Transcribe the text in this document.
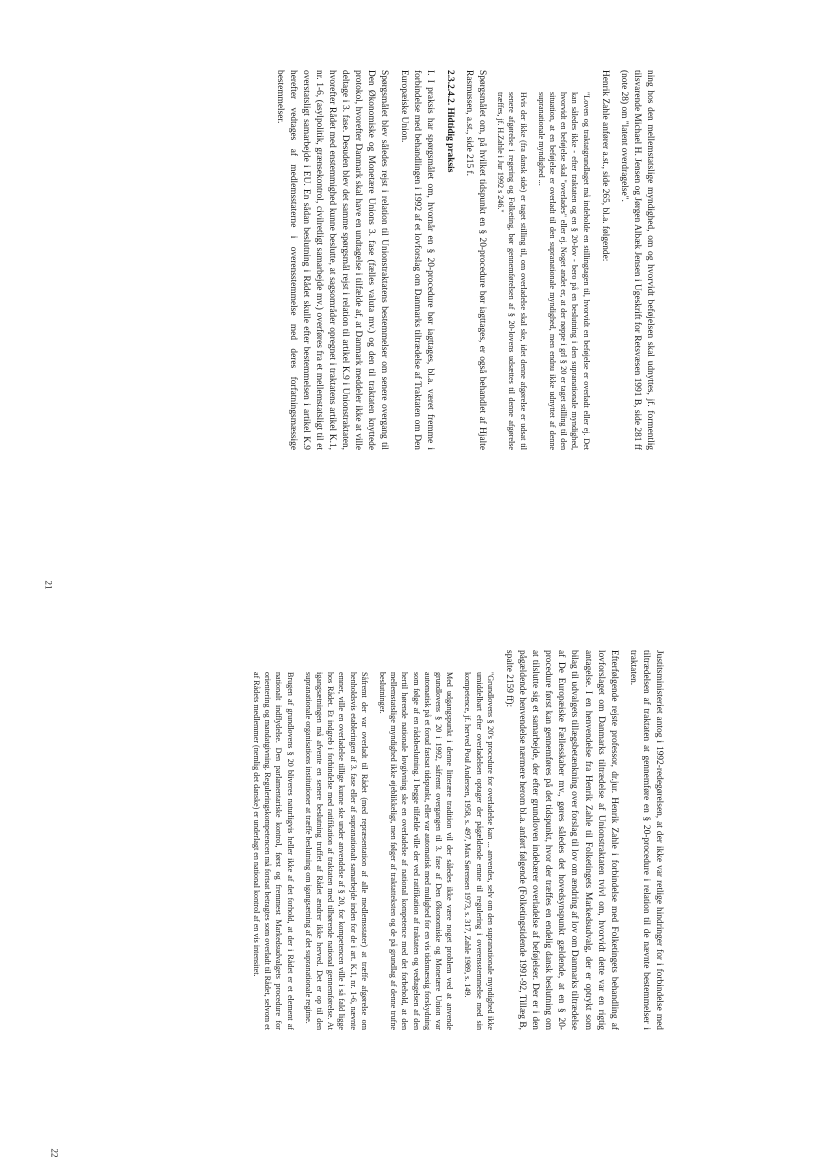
ning hos den mellemstatslige myndighed, om og hvorvidt beføjelsen skal udnyttes, jf. formentlig tilsvarende Michael H. Jensen og Jørgen Albæk Jensen i Ugeskrift for Retsvæsen 1991 B, side 281 ff (note 28) om "latent overdragelse".

Henrik Zahle anfører a.st., side 265, bl.a. følgende:

"Loven og traktatgrundlaget må indeholde en stillingtagen til, hvorvidt en beføjelse er overladt eller ej. Det kan således ikke - efter traktaten og en § 20-lov - bero på en beslutning i den supranationale myndighed, hvorvidt en beføjelse skal "overlades" eller ej. Noget andet er, at der nøppe i grl § 20 er taget stilling til den situation, at en beføjelse er overladt til den supranationale myndighed, men endnu ikke udnyttet af denne supranationale myndighed ...

Hvis der ikke (fra dansk side) er taget stilling til, om overladelse skal ske, idet denne afgørelse er udsat til senere afgørelse i regering og Folketing, bør gennemførelsen af § 20-lovens udsættes til denne afgørelse træffes, jf. H.Zahle i Jur 1992 s 246."

Spørgsmålet om, på hvilket tidspunkt en § 20-procedure bør iagttages, er også behandlet af Hjalte Rasmussen, a.st., side 215 f.

2.3.2.4.2. Hidtidig praksis

I. I praksis har spørgsmålet om, hvornår en § 20-procedure bør iagttages, bl.a. været fremme i forbindelse med behandlingen i 1992 af et lovforslag om Danmarks tiltrædelse af Traktaten om Den Europæiske Union.

Spørgsmålet blev således rejst i relation til Unionstraktatens bestemmelser om senere overgang til Den Økonomiske og Monetære Unions 3. fase (fælles valuta mv.) og den til traktaten knyttede protokol, hvorefter Danmark skal have en undtagelse i tilfælde af, at Danmark meddeler ikke at ville deltage i 3. fase. Desuden blev det samme spørgsmål rejst i relation til artikel K.9 i Unionstraktaten, hvorefter Rådet med enstemmighed kunne beslutte, at sagsområder opregnet i traktatens artikel K.1, nr. 1-6, (asylpolitik, grænsekontrol, civilretligt samarbejde mv.) overføres fra et mellemstatsligt til et overstatsligt samarbejde i EU. En sådan beslutning i Rådet skulle efter bestemmelsen i artikel K.9 herefter vedtages af medlemsstaterne i overensstemmelse med deres forfatningsmæssige bestemmelser.

21

Justitsministeriet antog i 1992-redegørelsen, at der ikke var retlige hindringer for i forbindelse med tiltrædelsen af traktaten at gennemføre en § 20-procedure i relation til de nævnte bestemmelser i traktaten.

Efterfølgende rejste professor, dr.jur. Henrik Zahle i forbindelse med Folketingets behandling af lovforslaget om Danmarks tiltrædelse af Unionstraktaten tvivl om, hvorvidt dette var en rigtig antagelse. I en henvendelse fra Henrik Zahle til Folketingets Markedsudvalg, der er optrykt som bilag til udvalgets tillægsbetænkning over forslag til lov om ændring af lov om Danmarks tiltrædelse af De Europæiske Fællesskaber mv., gøres således det hovedsynspunkt gældende, at en § 20-procedure først kan gennemføres på det tidspunkt, hvor der træffes en endelig dansk beslutning om at tilslutte sig et samarbejde, der efter grundloven indebærer overladelse af beføjelser. Der er i den pågældende henvendelse nærmere herom bl.a. anført følgende (Folketingstidende 1991-92, Tillæg B, spalte 2159 ff):

"Grundlovens § 20's procedure for overladelse kan ... anvendes, selv om den supranationale myndighed ikke umiddelbart efter overladelsen optager der pågældende emne til regulering i overensstemmelse med sin kompetence, jf. herved Poul Andersen, 1958, s. 497, Max Sørensen 1973, s. 317, Zahle 1989, s. 149.

Med udgangspunkt i denne litterære tradition vil der således ikke være noget problem ved at anvende grundlovens § 20 i 1992, såfremt overgangen til 3. fase af Den Økonomiske og Monetære Union var automatisk på et forud fastsat tidspunkt, eller var automatisk med mulighed for en vis tidsmæssig forskydning som følge af en rådsbeslutning. I begge tilfælde ville der ved ratifikation af traktaten og vedtagelsen af den hertil hørende nationale lovgivning ske en overladelse af national kompetence med det forbehold, at den mellemstatslige myndighed ikke øjeblikkeligt, men følger af traktatteksten og de på grundlag af denne trufne beslutninger.

Såfremt der var overladt til Rådet (med repræsentation af alle medlemsstater) at træffe afgørelse om henholdsvis etableringen af 3. fase eller af supranationalt samarbejde inden for de i art. K.1, nr. 1-6, nævnte emner, ville en overladelse tillige kunne ske under anvendelse af § 20, for kompetencen ville i så fald ligge hos Rådet. Et indgreb i forbindelse med ratifikation af traktaten med tilhørende national gennemførelse. At igangsætningen må afvente en senere beslutning truffet af Rådet ændrer ikke herved. Det er op til den supranationale organisations institutioner at træffe beslutning om igangsætning af det supranationale regime.

Brugen af grundlovens § 20 bliveres naturligvis heller ikke af det forhold, at der i Rådet er et element af nationalt indflydelse. Den parlamentariske kontrol, først og fremmest Markedsudvalgets procedure for orientering og mandatgivning. Reguleringskompetencen må fortsat betragtes som overladt til Rådet, selvom et af Rådets medlemmer (nemlig det danske) er underlagt en national kontrol af en vis intensitet.

22
